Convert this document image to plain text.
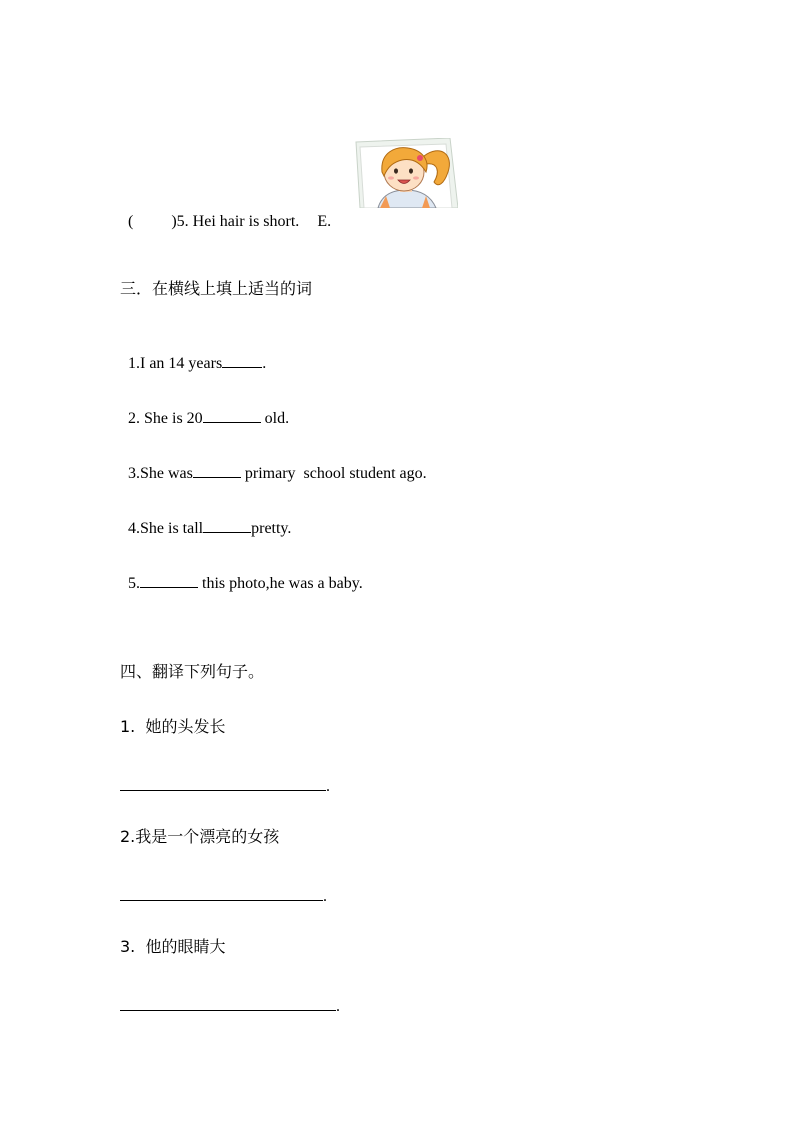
( )5. Hei hair is short. E.

三．在横线上填上适当的词

1.I an 14 years	.

2. She is 20	old.

3.She was	primary  school student ago.

4.She is tall	pretty.

5.	this photo,he was a baby.

四、翻译下列句子。
1.  她的头发长
.
2.我是一个漂亮的女孩
.
3.  他的眼睛大
.
